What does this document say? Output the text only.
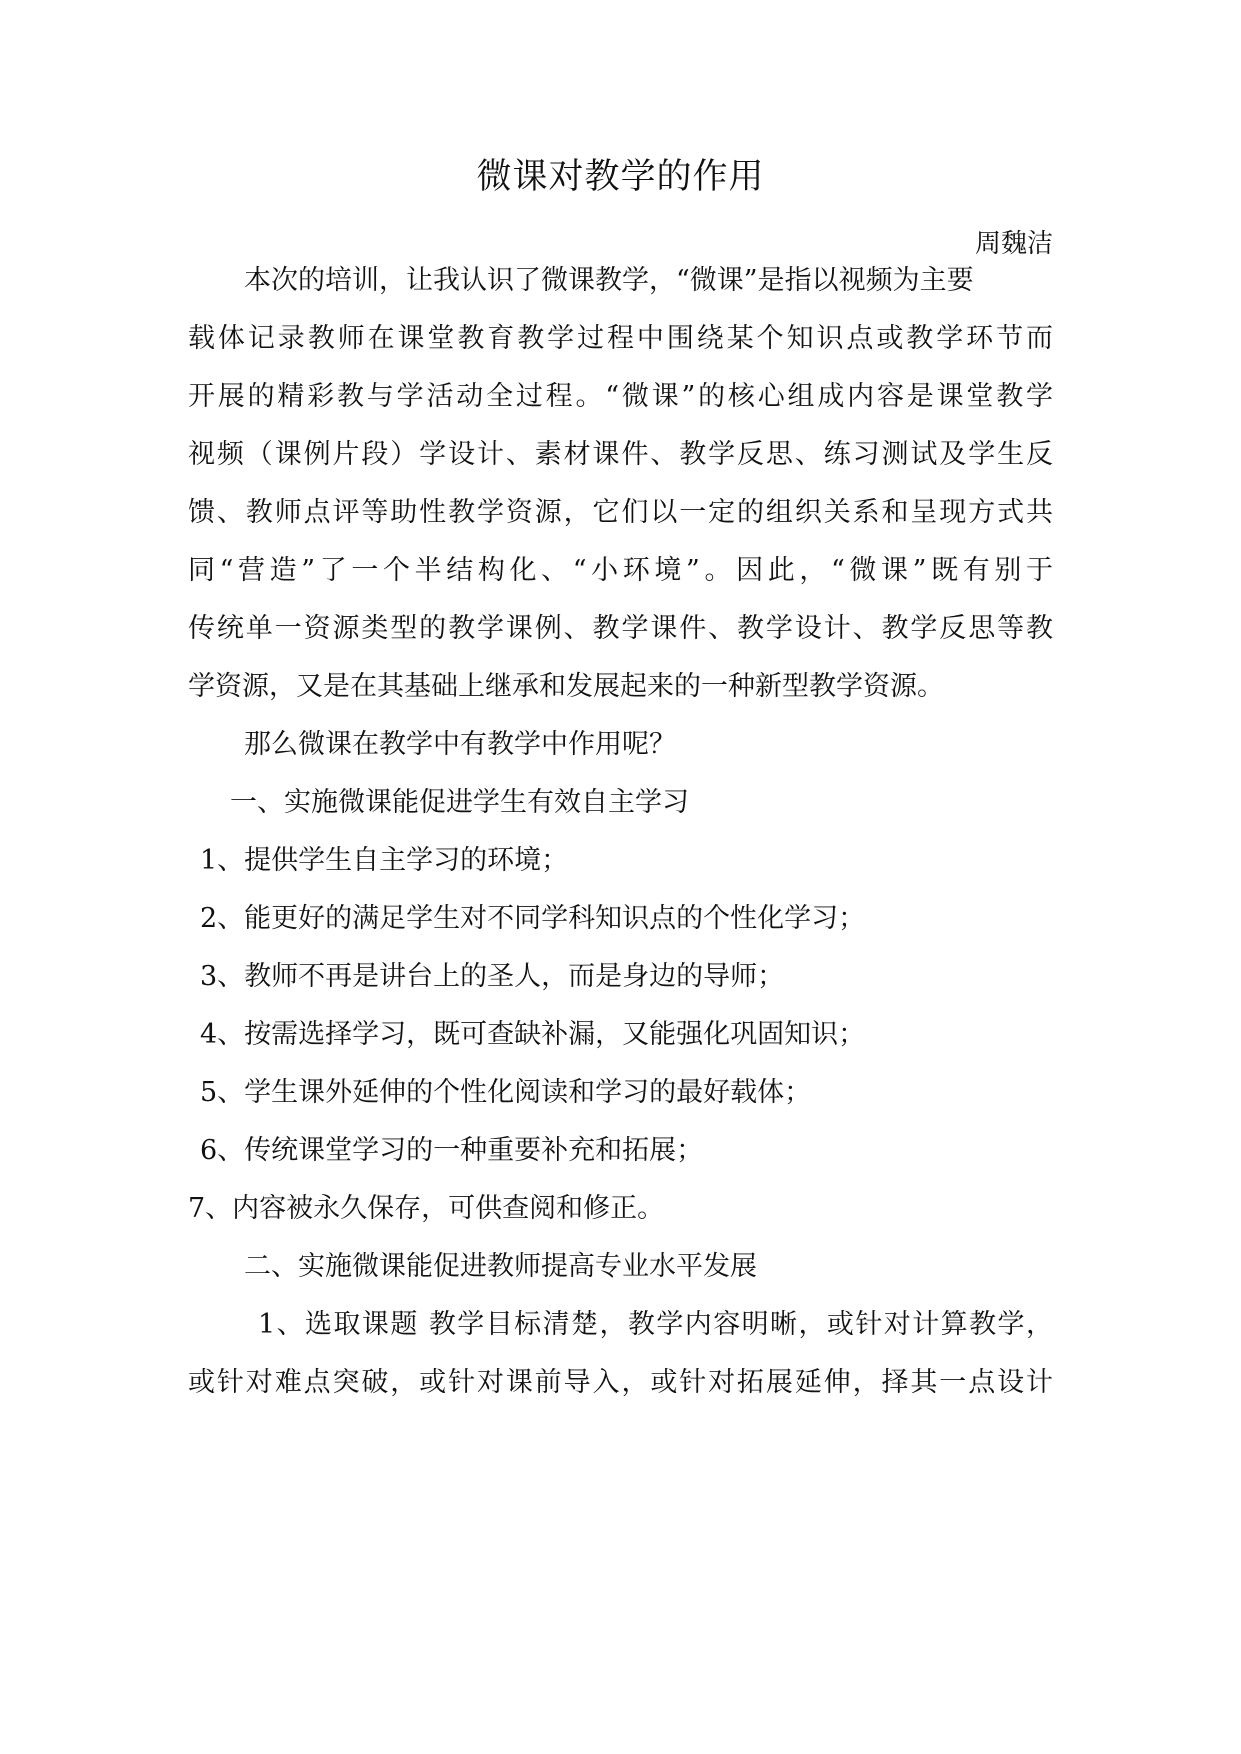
微课对教学的作用
周魏洁
本次的培训，让我认识了微课教学，“微课”是指以视频为主要
载体记录教师在课堂教育教学过程中围绕某个知识点或教学环节而
开展的精彩教与学活动全过程。“微课”的核心组成内容是课堂教学
视频（课例片段）学设计、素材课件、教学反思、练习测试及学生反
馈、教师点评等助性教学资源，它们以一定的组织关系和呈现方式共
同“营造”了一个半结构化、“小环境”。因此，“微课”既有别于
传统单一资源类型的教学课例、教学课件、教学设计、教学反思等教
学资源，又是在其基础上继承和发展起来的一种新型教学资源。
那么微课在教学中有教学中作用呢？
一、实施微课能促进学生有效自主学习
1、提供学生自主学习的环境；
2、能更好的满足学生对不同学科知识点的个性化学习；
3、教师不再是讲台上的圣人，而是身边的导师；
4、按需选择学习，既可查缺补漏，又能强化巩固知识；
5、学生课外延伸的个性化阅读和学习的最好载体；
6、传统课堂学习的一种重要补充和拓展；
7、内容被永久保存，可供查阅和修正。
二、实施微课能促进教师提高专业水平发展
1、选取课题 教学目标清楚，教学内容明晰，或针对计算教学，
或针对难点突破，或针对课前导入，或针对拓展延伸，择其一点设计
